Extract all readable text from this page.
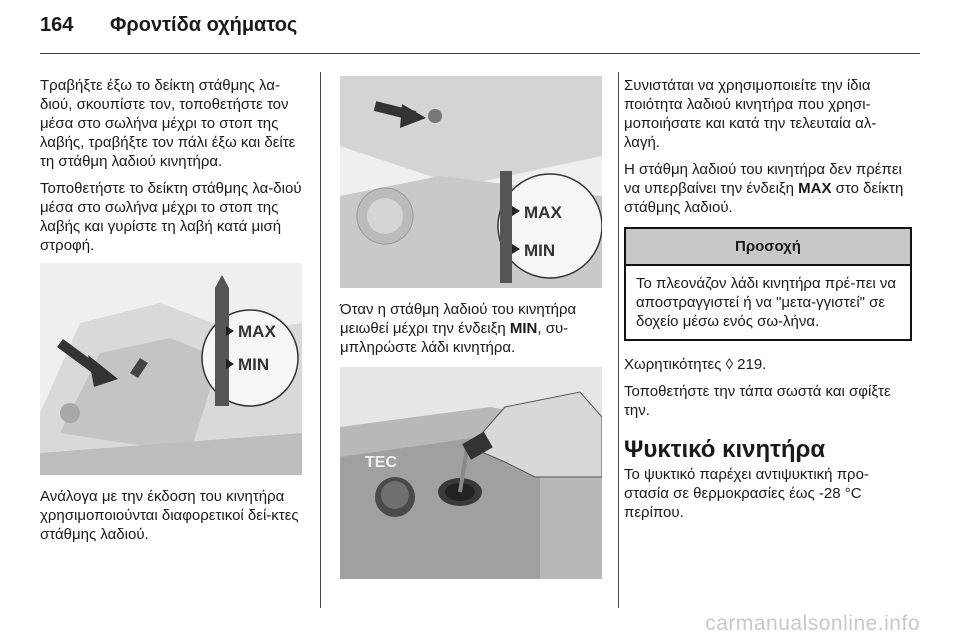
164	Φροντίδα οχήματος

Τραβήξτε έξω το δείκτη στάθμης λα-διού, σκουπίστε τον, τοποθετήστε τον μέσα στο σωλήνα μέχρι το στοπ της λαβής, τραβήξτε τον πάλι έξω και δείτε τη στάθμη λαδιού κινητήρα.

Τοποθετήστε το δείκτη στάθμης λα-διού μέσα στο σωλήνα μέχρι το στοπ της λαβής και γυρίστε τη λαβή κατά μισή στροφή.

MAX
MIN

Ανάλογα με την έκδοση του κινητήρα χρησιμοποιούνται διαφορετικοί δεί-κτες στάθμης λαδιού.

MAX
MIN

Όταν η στάθμη λαδιού του κινητήρα μειωθεί μέχρι την ένδειξη MIN, συ-μπληρώστε λάδι κινητήρα.

TEC

Συνιστάται να χρησιμοποιείτε την ίδια ποιότητα λαδιού κινητήρα που χρησι-μοποιήσατε και κατά την τελευταία αλ-λαγή.

Η στάθμη λαδιού του κινητήρα δεν πρέπει να υπερβαίνει την ένδειξη MAX στο δείκτη στάθμης λαδιού.

Προσοχή
Το πλεονάζον λάδι κινητήρα πρέ-πει να αποστραγγιστεί ή να "μετα-γγιστεί" σε δοχείο μέσω ενός σω-λήνα.

Χωρητικότητες ◊ 219.

Τοποθετήστε την τάπα σωστά και σφίξτε την.

Ψυκτικό κινητήρα

Το ψυκτικό παρέχει αντιψυκτική προ-στασία σε θερμοκρασίες έως -28 °C περίπου.

carmanualsonline.info
